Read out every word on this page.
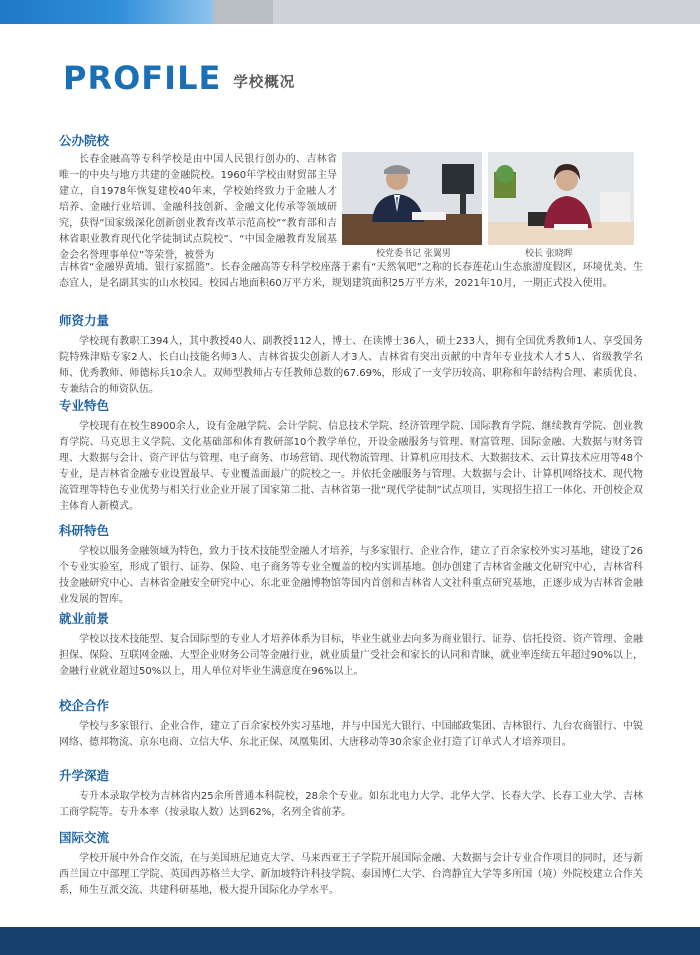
PROFILE 学校概况
公办院校

长春金融高等专科学校是由中国人民银行创办的、吉林省唯一的中央与地方共建的金融院校。1960年学校由财贸部主导建立，自1978年恢复建校40年来，学校始终致力于金融人才培养、金融行业培训、金融科技创新、金融文化传承等领域研究，获得“国家级深化创新创业教育改革示范高校”“教育部和吉林省职业教育现代化学徒制试点院校”、“中国金融教育发展基金会名誉理事单位”等荣誉，被誉为	校党委书记 张翼男	校长 张晓晖

吉林省“金融界黄埔、银行家摇篮”。长春金融高等专科学校座落于素有“天然氧吧”之称的长春莲花山生态旅游度假区，环境优美、生态宜人，是名副其实的山水校园。校园占地面积60万平方米，规划建筑面积25万平方米，2021年10月，一期正式投入使用。

师资力量

学校现有教职工394人，其中教授40人、副教授112人，博士、在读博士36人，硕士233人，拥有全国优秀教师1人、享受国务院特殊津贴专家2人、长白山技能名师3人、吉林省拔尖创新人才3人、吉林省有突出贡献的中青年专业技术人才5人、省级教学名师、优秀教师、师德标兵10余人。双师型教师占专任教师总数的67.69%，形成了一支学历较高、职称和年龄结构合理、素质优良、专兼结合的师资队伍。

专业特色

学校现有在校生8900余人，设有金融学院、会计学院、信息技术学院、经济管理学院、国际教育学院、继续教育学院、创业教育学院、马克思主义学院、文化基础部和体育教研部10个教学单位，开设金融服务与管理、财富管理、国际金融、大数据与财务管理、大数据与会计、资产评估与管理、电子商务、市场营销、现代物流管理、计算机应用技术、大数据技术、云计算技术应用等48个专业，是吉林省金融专业设置最早、专业覆盖面最广的院校之一。并依托金融服务与管理、大数据与会计、计算机网络技术、现代物流管理等特色专业优势与相关行业企业开展了国家第二批、吉林省第一批“现代学徒制”试点项目，实现招生招工一体化、开创校企双主体育人新模式。

科研特色

学校以服务金融领域为特色，致力于技术技能型金融人才培养，与多家银行、企业合作，建立了百余家校外实习基地，建设了26个专业实验室，形成了银行、证券、保险、电子商务等专业全覆盖的校内实训基地。创办创建了吉林省金融文化研究中心，吉林省科技金融研究中心、吉林省金融安全研究中心、东北亚金融博物馆等国内首创和吉林省人文社科重点研究基地，正逐步成为吉林省金融业发展的智库。

就业前景

学校以技术技能型、复合国际型的专业人才培养体系为目标，毕业生就业去向多为商业银行、证券、信托投资、资产管理、金融担保、保险、互联网金融、大型企业财务公司等金融行业，就业质量广受社会和家长的认同和青睐，就业率连续五年超过90%以上，金融行业就业超过50%以上，用人单位对毕业生满意度在96%以上。

校企合作

学校与多家银行、企业合作，建立了百余家校外实习基地，并与中国光大银行、中国邮政集团、吉林银行、九台农商银行、中锐网络、德邦物流、京东电商、立信大华、东北正保、凤凰集团、大唐移动等30余家企业打造了订单式人才培养项目。

升学深造

专升本录取学校为吉林省内25余所普通本科院校，28余个专业。如东北电力大学、北华大学、长春大学、长春工业大学、吉林工商学院等。专升本率（按录取人数）达到62%，名列全省前茅。

国际交流

学校开展中外合作交流，在与美国班尼迪克大学、马来西亚王子学院开展国际金融、大数据与会计专业合作项目的同时，还与新西兰国立中部理工学院、英国西苏格兰大学、新加坡特许科技学院、泰国博仁大学、台湾静宜大学等多所国（境）外院校建立合作关系，师生互派交流、共建科研基地，极大提升国际化办学水平。
